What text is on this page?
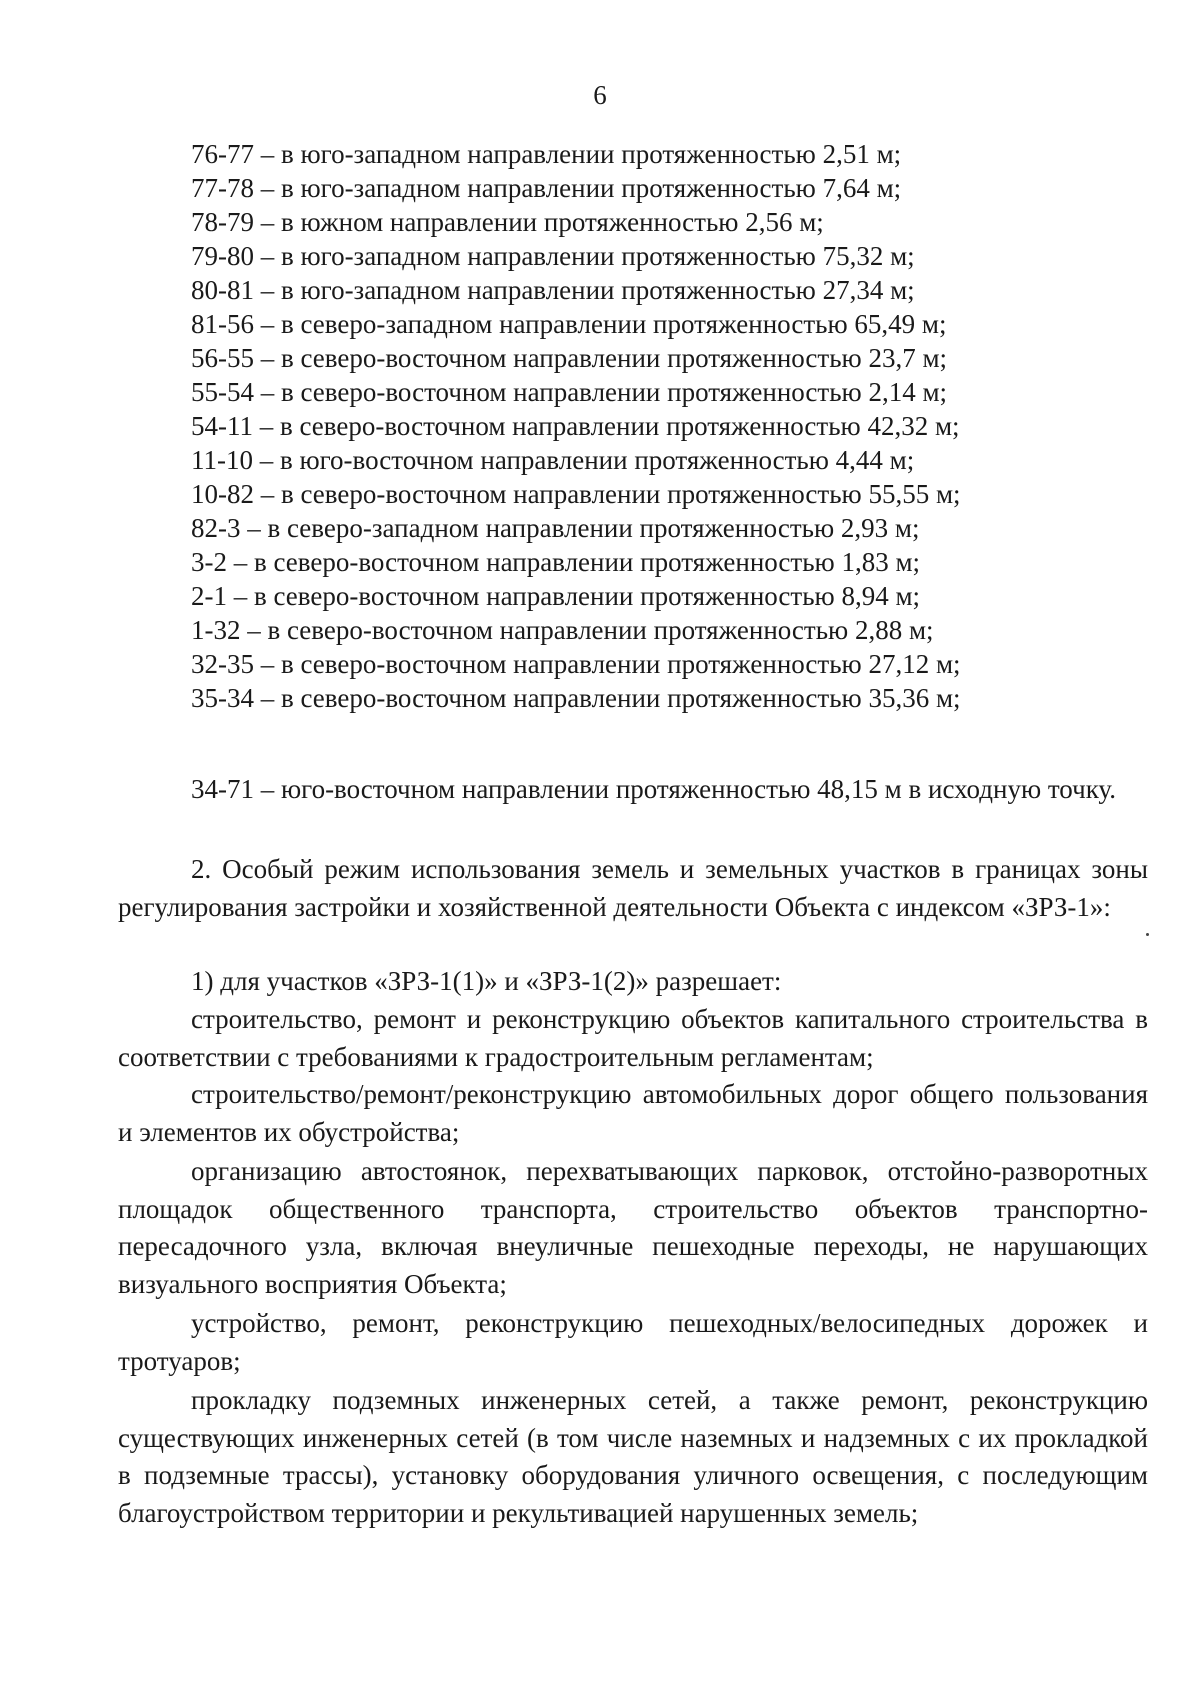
6
76-77 – в юго-западном направлении протяженностью 2,51 м;
77-78 – в юго-западном направлении протяженностью 7,64 м;
78-79 – в южном направлении протяженностью 2,56 м;
79-80 – в юго-западном направлении протяженностью 75,32 м;
80-81 – в юго-западном направлении протяженностью 27,34 м;
81-56 – в северо-западном направлении протяженностью 65,49 м;
56-55 – в северо-восточном направлении протяженностью 23,7 м;
55-54 – в северо-восточном направлении протяженностью 2,14 м;
54-11 – в северо-восточном направлении протяженностью 42,32 м;
11-10 – в юго-восточном направлении протяженностью 4,44 м;
10-82 – в северо-восточном направлении протяженностью 55,55 м;
82-3 – в северо-западном направлении протяженностью 2,93 м;
3-2 – в северо-восточном направлении протяженностью 1,83 м;
2-1 – в северо-восточном направлении протяженностью 8,94 м;
1-32 – в северо-восточном направлении протяженностью 2,88 м;
32-35 – в северо-восточном направлении протяженностью 27,12 м;
35-34 – в северо-восточном направлении протяженностью 35,36 м;

34-71 – юго-восточном направлении протяженностью 48,15 м в исходную точку.

2. Особый режим использования земель и земельных участков в границах зоны регулирования застройки и хозяйственной деятельности Объекта с индексом «ЗРЗ-1»:

1) для участков «ЗРЗ-1(1)» и «ЗРЗ-1(2)» разрешает:

строительство, ремонт и реконструкцию объектов капитального строительства в соответствии с требованиями к градостроительным регламентам;

строительство/ремонт/реконструкцию автомобильных дорог общего пользования и элементов их обустройства;

организацию автостоянок, перехватывающих парковок, отстойно-разворотных площадок общественного транспорта, строительство объектов транспортно-пересадочного узла, включая внеуличные пешеходные переходы, не нарушающих визуального восприятия Объекта;

устройство, ремонт, реконструкцию пешеходных/велосипедных дорожек и тротуаров;

прокладку подземных инженерных сетей, а также ремонт, реконструкцию существующих инженерных сетей (в том числе наземных и надземных с их прокладкой в подземные трассы), установку оборудования уличного освещения, с последующим благоустройством территории и рекультивацией нарушенных земель;
